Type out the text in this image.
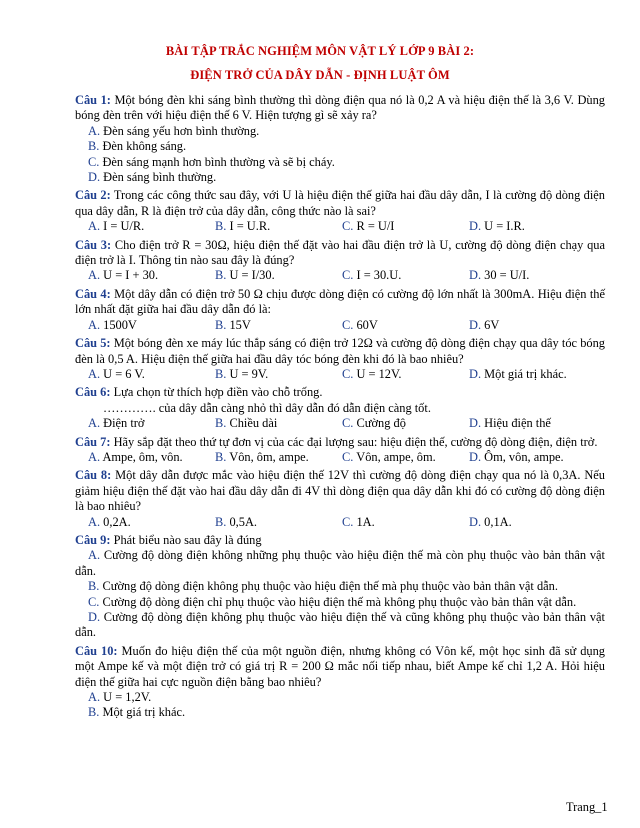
BÀI TẬP TRẮC NGHIỆM MÔN VẬT LÝ LỚP 9 BÀI 2:
ĐIỆN TRỞ CỦA DÂY DẪN - ĐỊNH LUẬT ÔM
Câu 1: Một bóng đèn khi sáng bình thường thì dòng điện qua nó là 0,2 A và hiệu điện thế là 3,6 V. Dùng bóng đèn trên với hiệu điện thế 6 V. Hiện tượng gì sẽ xảy ra?
A. Đèn sáng yếu hơn bình thường.
B. Đèn không sáng.
C. Đèn sáng mạnh hơn bình thường và sẽ bị cháy.
D. Đèn sáng bình thường.
Câu 2: Trong các công thức sau đây, với U là hiệu điện thế giữa hai đầu dây dẫn, I là cường độ dòng điện qua dây dẫn, R là điện trở của dây dẫn, công thức nào là sai?
A. I = U/R.	B. I = U.R.	C. R = U/I	D. U = I.R.
Câu 3: Cho điện trở R = 30Ω, hiệu điện thế đặt vào hai đầu điện trở là U, cường độ dòng điện chạy qua điện trở là I. Thông tin nào sau đây là đúng?
A. U = I + 30.	B. U = I/30.	C. I = 30.U.	D. 30 = U/I.
Câu 4: Một dây dẫn có điện trở 50 Ω chịu được dòng điện có cường độ lớn nhất là 300mA. Hiệu điện thế lớn nhất đặt giữa hai đầu dây dẫn đó là:
A. 1500V	B. 15V	C. 60V	D. 6V
Câu 5: Một bóng đèn xe máy lúc thắp sáng có điện trở 12Ω và cường độ dòng điện chạy qua dây tóc bóng đèn là 0,5 A. Hiệu điện thế giữa hai đầu dây tóc bóng đèn khi đó là bao nhiêu?
A. U = 6 V.	B. U = 9V.	C. U = 12V.	D. Một giá trị khác.
Câu 6: Lựa chọn từ thích hợp điền vào chỗ trống.
…………. của dây dẫn càng nhỏ thì dây dẫn đó dẫn điện càng tốt.
A. Điện trở	B. Chiều dài	C. Cường độ	D. Hiệu điện thế
Câu 7: Hãy sắp đặt theo thứ tự đơn vị của các đại lượng sau: hiệu điện thế, cường độ dòng điện, điện trở.
A. Ampe, ôm, vôn.	B. Vôn, ôm, ampe.	C. Vôn, ampe, ôm.	D. Ôm, vôn, ampe.
Câu 8: Một dây dẫn được mắc vào hiệu điện thế 12V thì cường độ dòng điện chạy qua nó là 0,3A. Nếu giảm hiệu điện thế đặt vào hai đầu dây dẫn đi 4V thì dòng điện qua dây dẫn khi đó có cường độ dòng điện là bao nhiêu?
A. 0,2A.	B. 0,5A.	C. 1A.	D. 0,1A.
Câu 9: Phát biểu nào sau đây là đúng
A. Cường độ dòng điện không những phụ thuộc vào hiệu điện thế mà còn phụ thuộc vào bản thân vật dẫn.
B. Cường độ dòng điện không phụ thuộc vào hiệu điện thế mà phụ thuộc vào bản thân vật dẫn.
C. Cường độ dòng điện chỉ phụ thuộc vào hiệu điện thế mà không phụ thuộc vào bản thân vật dẫn.
D. Cường độ dòng điện không phụ thuộc vào hiệu điện thế và cũng không phụ thuộc vào bản thân vật dẫn.
Câu 10: Muốn đo hiệu điện thế của một nguồn điện, nhưng không có Vôn kế, một học sinh đã sử dụng một Ampe kế và một điện trở có giá trị R = 200 Ω mắc nối tiếp nhau, biết Ampe kế chỉ 1,2 A. Hỏi hiệu điện thế giữa hai cực nguồn điện bằng bao nhiêu?
A. U = 1,2V.
B. Một giá trị khác.
Trang_1
